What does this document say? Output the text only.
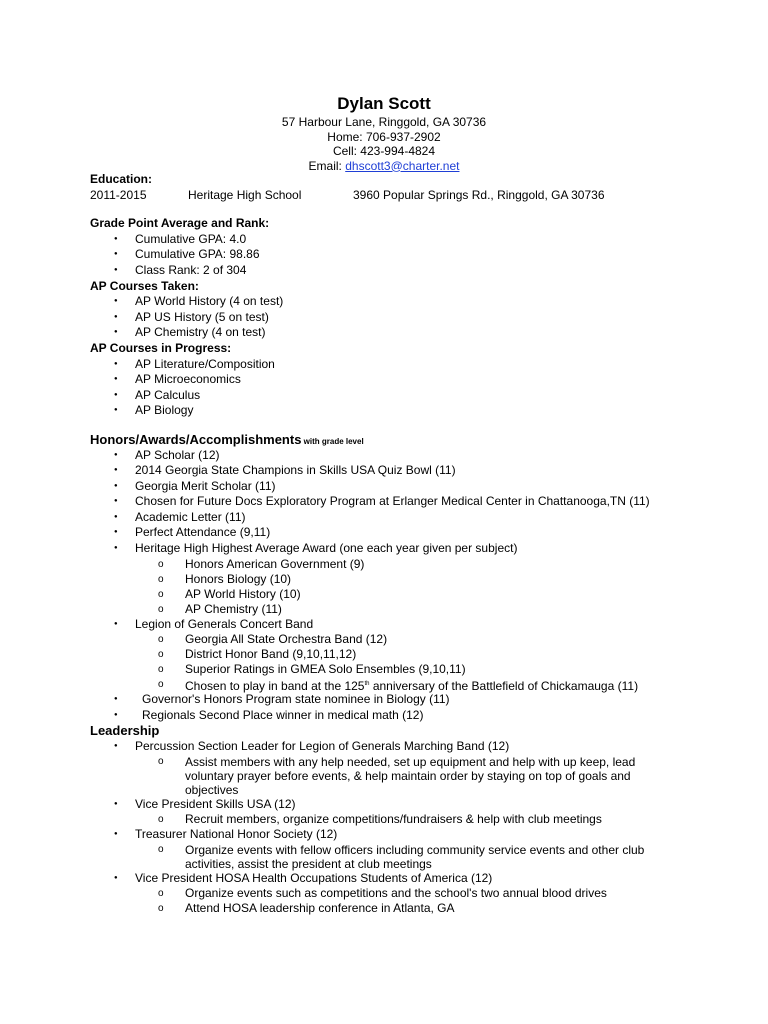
Dylan Scott
57 Harbour Lane, Ringgold, GA 30736
Home: 706-937-2902
Cell: 423-994-4824
Email: dhscott3@charter.net
Education:
2011-2015	Heritage High School	3960 Popular Springs Rd., Ringgold, GA 30736
Grade Point Average and Rank:
● Cumulative GPA: 4.0
● Cumulative GPA: 98.86
● Class Rank: 2 of 304
AP Courses Taken:
● AP World History (4 on test)
● AP US History (5 on test)
● AP Chemistry (4 on test)
AP Courses in Progress:
● AP Literature/Composition
● AP Microeconomics
● AP Calculus
● AP Biology
Honors/Awards/Accomplishments with grade level
● AP Scholar (12)
● 2014 Georgia State Champions in Skills USA Quiz Bowl (11)
● Georgia Merit Scholar (11)
● Chosen for Future Docs Exploratory Program at Erlanger Medical Center in Chattanooga,TN (11)
● Academic Letter (11)
● Perfect Attendance (9,11)
● Heritage High Highest Average Award (one each year given per subject)
o Honors American Government (9)
o Honors Biology (10)
o AP World History (10)
o AP Chemistry (11)
● Legion of Generals Concert Band
o Georgia All State Orchestra Band (12)
o District Honor Band (9,10,11,12)
o Superior Ratings in GMEA Solo Ensembles (9,10,11)
o Chosen to play in band at the 125th anniversary of the Battlefield of Chickamauga (11)
● Governor's Honors Program state nominee in Biology (11)
● Regionals Second Place winner in medical math (12)
Leadership
● Percussion Section Leader for Legion of Generals Marching Band (12)
o Assist members with any help needed, set up equipment and help with up keep, lead voluntary prayer before events, & help maintain order by staying on top of goals and objectives
● Vice President Skills USA (12)
o Recruit members, organize competitions/fundraisers & help with club meetings
● Treasurer National Honor Society (12)
o Organize events with fellow officers including community service events and other club activities, assist the president at club meetings
● Vice President HOSA Health Occupations Students of America (12)
o Organize events such as competitions and the school's two annual blood drives
o Attend HOSA leadership conference in Atlanta, GA
